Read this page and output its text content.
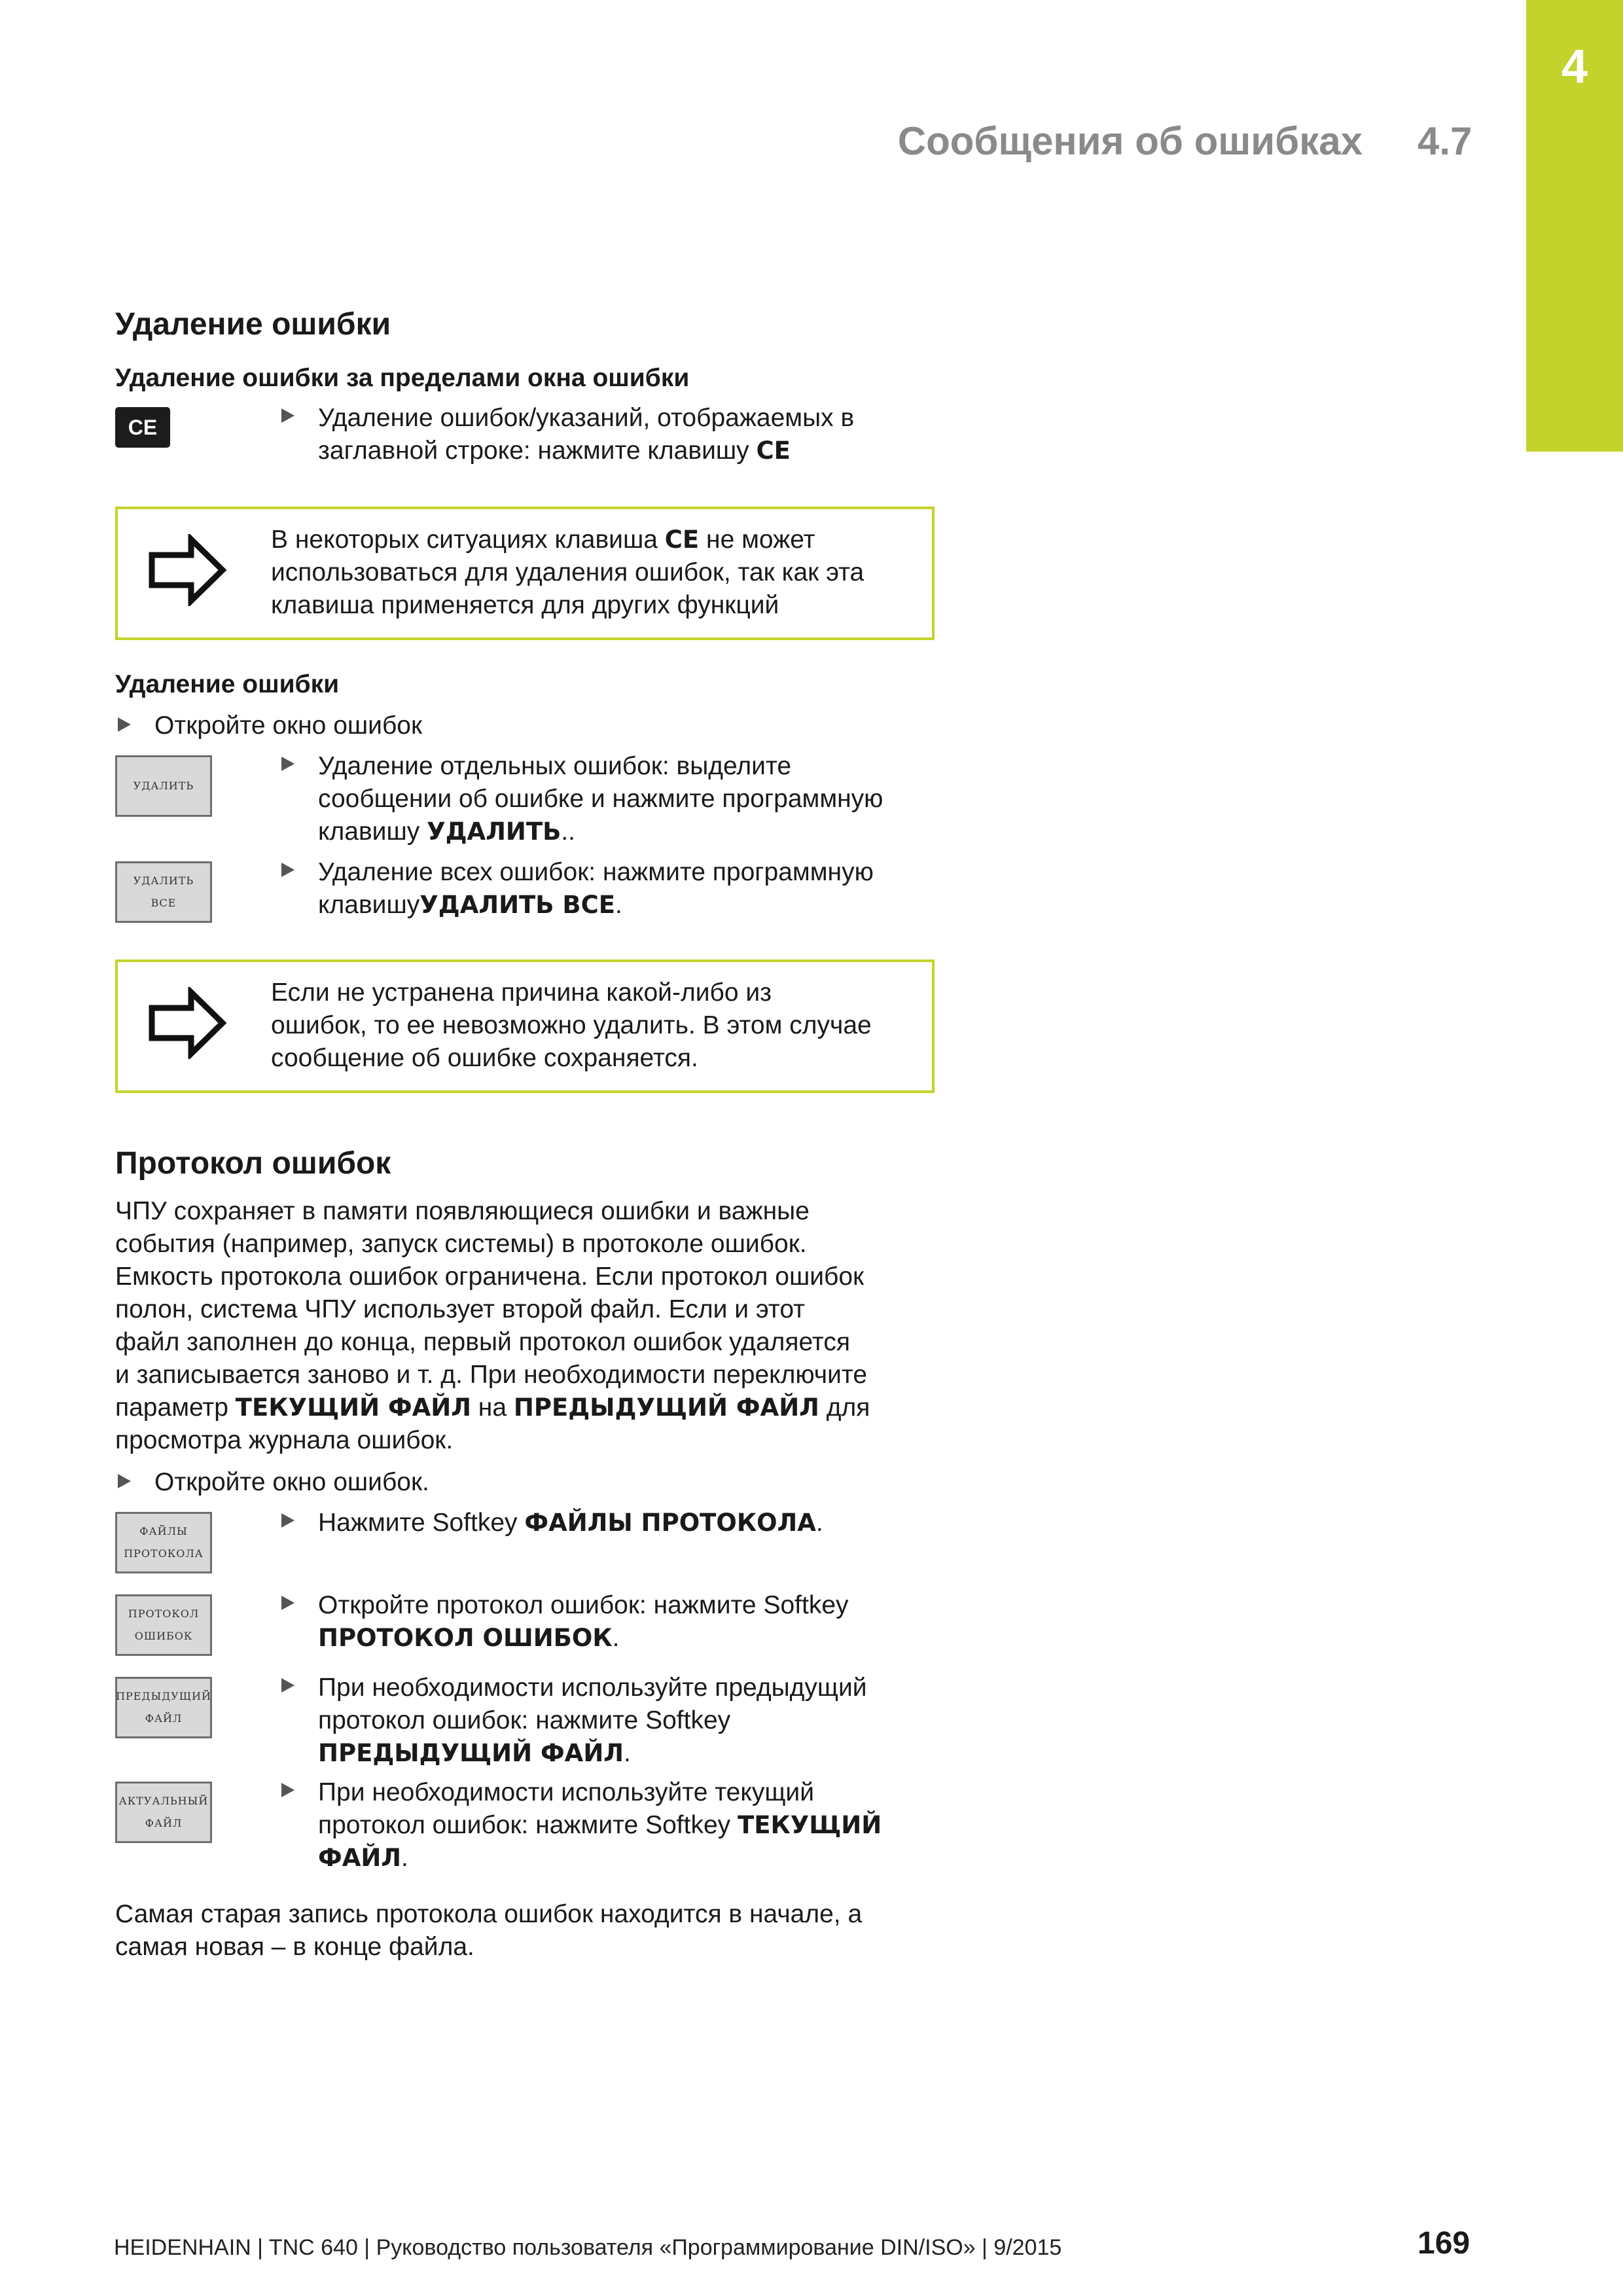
4
Сообщения об ошибках 4.7
Удаление ошибки
Удаление ошибки за пределами окна ошибки
CE	Удаление ошибок/указаний, отображаемых в
заглавной строке: нажмите клавишу CE
В некоторых ситуациях клавиша CE не может
использоваться для удаления ошибок, так как эта
клавиша применяется для других функций
Удаление ошибки
Откройте окно ошибок
УДАЛИТЬ
УДАЛИТЬ
ВСЕ
Удаление отдельных ошибок: выделите
сообщении об ошибке и нажмите программную
клавишу УДАЛИТЬ..
Удаление всех ошибок: нажмите программную
клавишуУДАЛИТЬ ВСЕ.
Если не устранена причина какой-либо из
ошибок, то ее невозможно удалить. В этом случае
сообщение об ошибке сохраняется.
Протокол ошибок
ЧПУ сохраняет в памяти появляющиеся ошибки и важные
события (например, запуск системы) в протоколе ошибок.
Емкость протокола ошибок ограничена. Если протокол ошибок
полон, система ЧПУ использует второй файл. Если и этот
файл заполнен до конца, первый протокол ошибок удаляется
и записывается заново и т. д. При необходимости переключите
параметр ТЕКУЩИЙ ФАЙЛ на ПРЕДЫДУЩИЙ ФАЙЛ для
просмотра журнала ошибок.
Откройте окно ошибок.
ФАЙЛЫ
ПРОТОКОЛА
ПРОТОКОЛ
ОШИБОК
ПРЕДЫДУЩИЙ
ФАЙЛ
АКТУАЛЬНЫЙ
ФАЙЛ
Нажмите Softkey ФАЙЛЫ ПРОТОКОЛА.
Откройте протокол ошибок: нажмите Softkey
ПРОТОКОЛ ОШИБОК.
При необходимости используйте предыдущий
протокол ошибок: нажмите Softkey
ПРЕДЫДУЩИЙ ФАЙЛ.
При необходимости используйте текущий
протокол ошибок: нажмите Softkey ТЕКУЩИЙ
ФАЙЛ.
Самая старая запись протокола ошибок находится в начале, а
самая новая – в конце файла.
HEIDENHAIN | TNC 640 | Руководство пользователя «Программирование DIN/ISO» | 9/2015	169
